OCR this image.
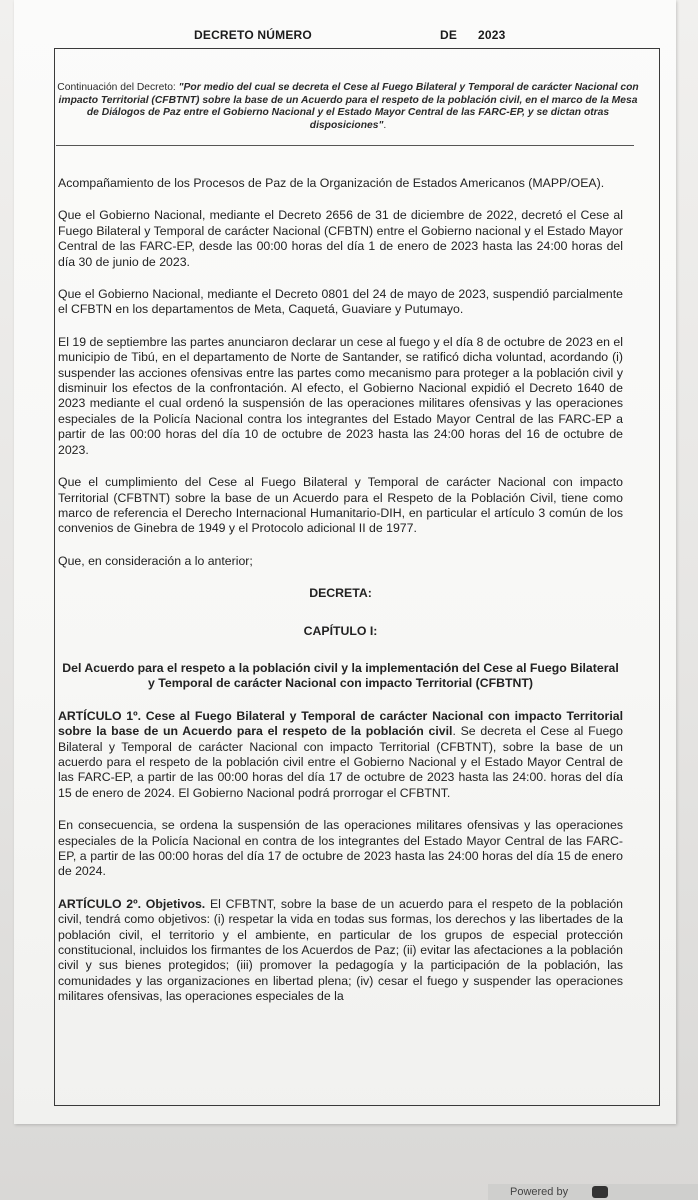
DECRETO NÚMERO	DE 2023
Continuación del Decreto: "Por medio del cual se decreta el Cese al Fuego Bilateral y Temporal de carácter Nacional con impacto Territorial (CFBTNT) sobre la base de un Acuerdo para el respeto de la población civil, en el marco de la Mesa de Diálogos de Paz entre el Gobierno Nacional y el Estado Mayor Central de las FARC-EP, y se dictan otras disposiciones".

Acompañamiento de los Procesos de Paz de la Organización de Estados Americanos (MAPP/OEA).

Que el Gobierno Nacional, mediante el Decreto 2656 de 31 de diciembre de 2022, decretó el Cese al Fuego Bilateral y Temporal de carácter Nacional (CFBTN) entre el Gobierno nacional y el Estado Mayor Central de las FARC-EP, desde las 00:00 horas del día 1 de enero de 2023 hasta las 24:00 horas del día 30 de junio de 2023.

Que el Gobierno Nacional, mediante el Decreto 0801 del 24 de mayo de 2023, suspendió parcialmente el CFBTN en los departamentos de Meta, Caquetá, Guaviare y Putumayo.

El 19 de septiembre las partes anunciaron declarar un cese al fuego y el día 8 de octubre de 2023 en el municipio de Tibú, en el departamento de Norte de Santander, se ratificó dicha voluntad, acordando (i) suspender las acciones ofensivas entre las partes como mecanismo para proteger a la población civil y disminuir los efectos de la confrontación. Al efecto, el Gobierno Nacional expidió el Decreto 1640 de 2023 mediante el cual ordenó la suspensión de las operaciones militares ofensivas y las operaciones especiales de la Policía Nacional contra los integrantes del Estado Mayor Central de las FARC-EP a partir de las 00:00 horas del día 10 de octubre de 2023 hasta las 24:00 horas del 16 de octubre de 2023.

Que el cumplimiento del Cese al Fuego Bilateral y Temporal de carácter Nacional con impacto Territorial (CFBTNT) sobre la base de un Acuerdo para el Respeto de la Población Civil, tiene como marco de referencia el Derecho Internacional Humanitario-DIH, en particular el artículo 3 común de los convenios de Ginebra de 1949 y el Protocolo adicional II de 1977.

Que, en consideración a lo anterior;

DECRETA:

CAPÍTULO I:

Del Acuerdo para el respeto a la población civil y la implementación del Cese al Fuego Bilateral y Temporal de carácter Nacional con impacto Territorial (CFBTNT)

ARTÍCULO 1º. Cese al Fuego Bilateral y Temporal de carácter Nacional con impacto Territorial sobre la base de un Acuerdo para el respeto de la población civil. Se decreta el Cese al Fuego Bilateral y Temporal de carácter Nacional con impacto Territorial (CFBTNT), sobre la base de un acuerdo para el respeto de la población civil entre el Gobierno Nacional y el Estado Mayor Central de las FARC-EP, a partir de las 00:00 horas del día 17 de octubre de 2023 hasta las 24:00. horas del día 15 de enero de 2024. El Gobierno Nacional podrá prorrogar el CFBTNT.

En consecuencia, se ordena la suspensión de las operaciones militares ofensivas y las operaciones especiales de la Policía Nacional en contra de los integrantes del Estado Mayor Central de las FARC-EP, a partir de las 00:00 horas del día 17 de octubre de 2023 hasta las 24:00 horas del día 15 de enero de 2024.

ARTÍCULO 2º. Objetivos. El CFBTNT, sobre la base de un acuerdo para el respeto de la población civil, tendrá como objetivos: (i) respetar la vida en todas sus formas, los derechos y las libertades de la población civil, el territorio y el ambiente, en particular de los grupos de especial protección constitucional, incluidos los firmantes de los Acuerdos de Paz; (ii) evitar las afectaciones a la población civil y sus bienes protegidos; (iii) promover la pedagogía y la participación de la población, las comunidades y las organizaciones en libertad plena; (iv) cesar el fuego y suspender las operaciones militares ofensivas, las operaciones especiales de la

Powered by
